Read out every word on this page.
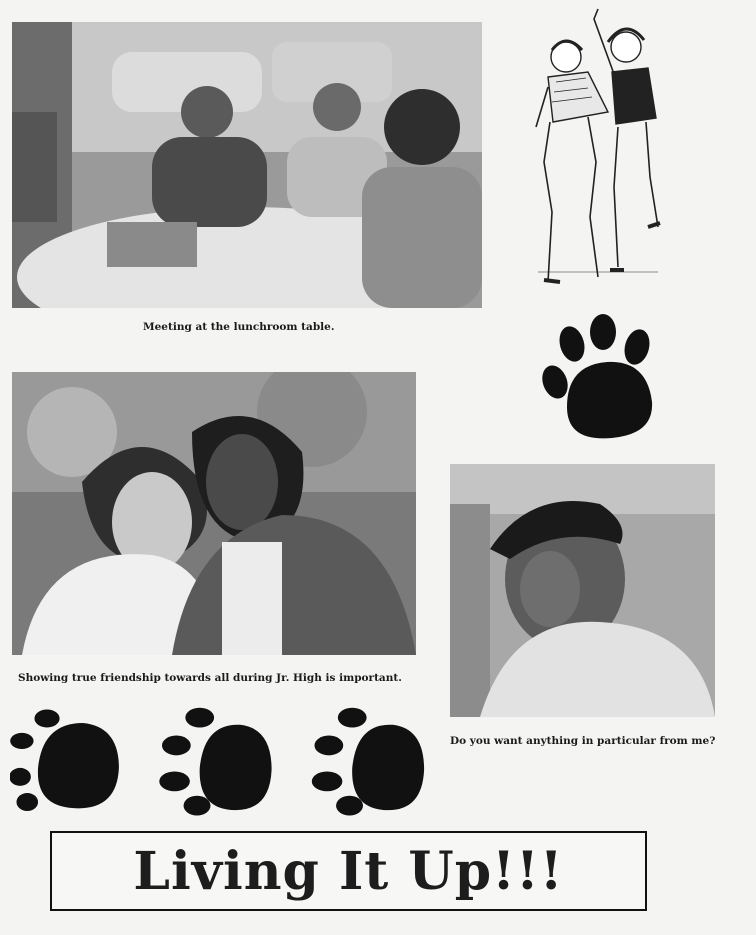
Meeting at the lunchroom table.
Showing true friendship towards all during Jr. High is important.
Do you want anything in particular from me?
Living It Up!!!
